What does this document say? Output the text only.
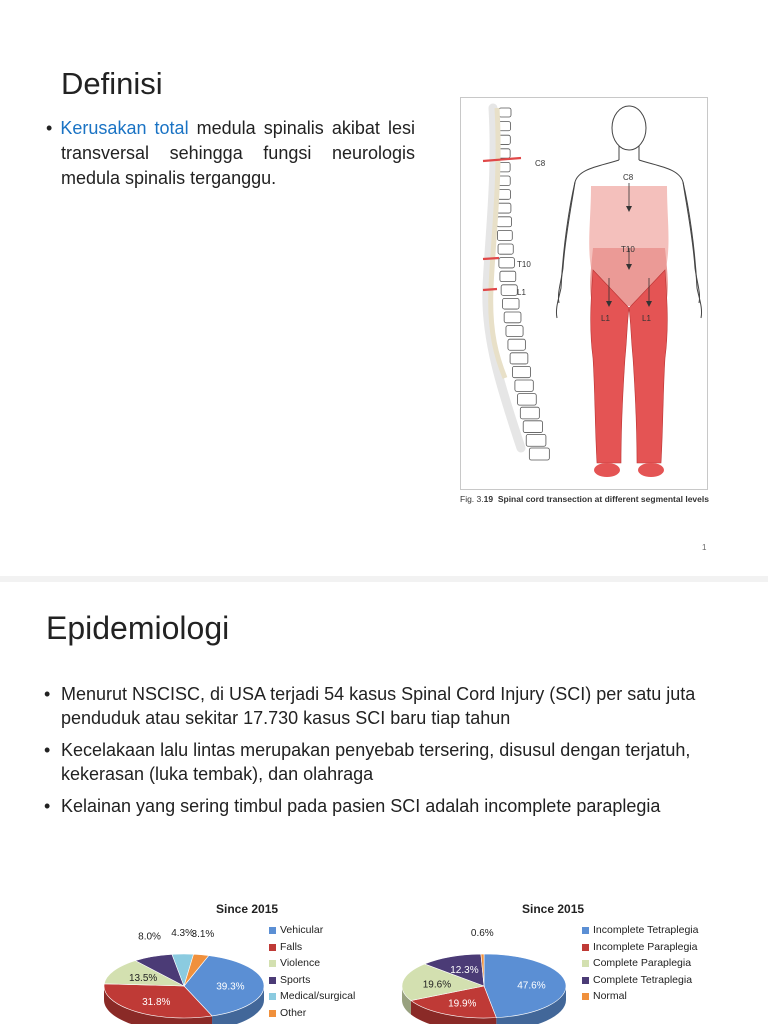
Definisi
• Kerusakan total medula spinalis akibat lesi transversal sehingga fungsi neurologis medula spinalis terganggu.
C8
T10
L1
C8
T10
L1	L1
Fig. 3.19 Spinal cord transection at different segmental levels
1
Epidemiologi
• Menurut NSCISC, di USA terjadi 54 kasus Spinal Cord Injury (SCI) per satu juta penduduk atau sekitar 17.730 kasus SCI baru tiap tahun
• Kecelakaan lalu lintas merupakan penyebab tersering, disusul dengan terjatuh, kekerasan (luka tembak), dan olahraga
• Kelainan yang sering timbul pada pasien SCI adalah incomplete paraplegia
Since 2015
39.3%
31.8%
13.5%
8.0% 4.3%
3.1%	Vehicular
Falls
Violence
Sports
Medical/surgical
Other
Since 2015
47.6%
19.9%
19.6%
12.3%
0.6%	Incomplete Tetraplegia
Incomplete Paraplegia
Complete Paraplegia
Complete Tetraplegia
Normal
